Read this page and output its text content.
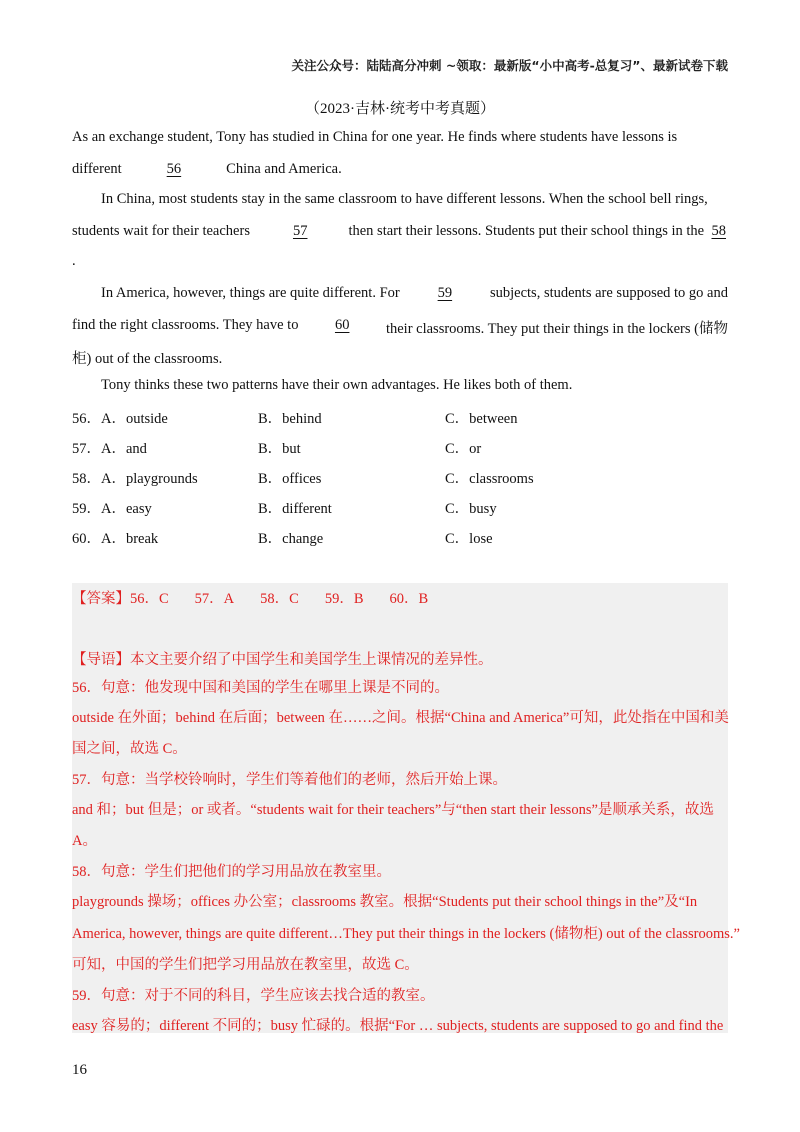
关注公众号：陆陆高分冲刺 ~领取：最新版“小中高考-总复习”、最新试卷下载
（2023·吉林·统考中考真题）
As an exchange student, Tony has studied in China for one year. He finds where students have lessons is
different	56	China and America.
In China, most students stay in the same classroom to have different lessons. When the school bell rings,
students wait for their teachers	57	then start their lessons. Students put their school things in the 58
.
In America, however, things are quite different. For	59	subjects, students are supposed to go and
find the right classrooms. They have to	60	their classrooms. They put their things in the lockers (储物
柜) out of the classrooms.
Tony thinks these two patterns have their own advantages. He likes both of them.
56．A．outside	B．behind	C．between
57．A．and	B．but	C．or
58．A．playgrounds	B．offices	C．classrooms
59．A．easy	B．different	C．busy
60．A．break	B．change	C．lose
【答案】56．C 57．A 58．C 59．B 60．B
【导语】本文主要介绍了中国学生和美国学生上课情况的差异性。
56．句意：他发现中国和美国的学生在哪里上课是不同的。
outside 在外面；behind 在后面；between 在……之间。根据“China and America”可知，此处指在中国和美
国之间，故选 C。
57．句意：当学校铃响时，学生们等着他们的老师，然后开始上课。
and 和；but 但是；or 或者。“students wait for their teachers”与“then start their lessons”是顺承关系，故选
A。
58．句意：学生们把他们的学习用品放在教室里。
playgrounds 操场；offices 办公室；classrooms 教室。根据“Students put their school things in the”及“In
America, however, things are quite different…They put their things in the lockers (储物柜) out of the classrooms.”
可知，中国的学生们把学习用品放在教室里，故选 C。
59．句意：对于不同的科目，学生应该去找合适的教室。
easy 容易的；different 不同的；busy 忙碌的。根据“For … subjects, students are supposed to go and find the
16
